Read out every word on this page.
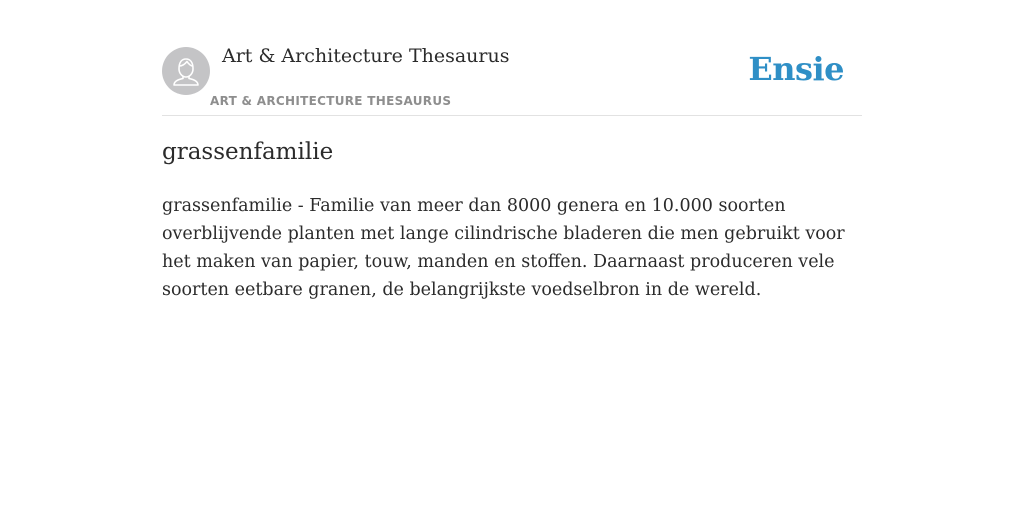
Art & Architecture Thesaurus
ART & ARCHITECTURE THESAURUS
Ensie
grassenfamilie

grassenfamilie - Familie van meer dan 8000 genera en 10.000 soorten overblijvende planten met lange cilindrische bladeren die men gebruikt voor het maken van papier, touw, manden en stoffen. Daarnaast produceren vele soorten eetbare granen, de belangrijkste voedselbron in de wereld.
